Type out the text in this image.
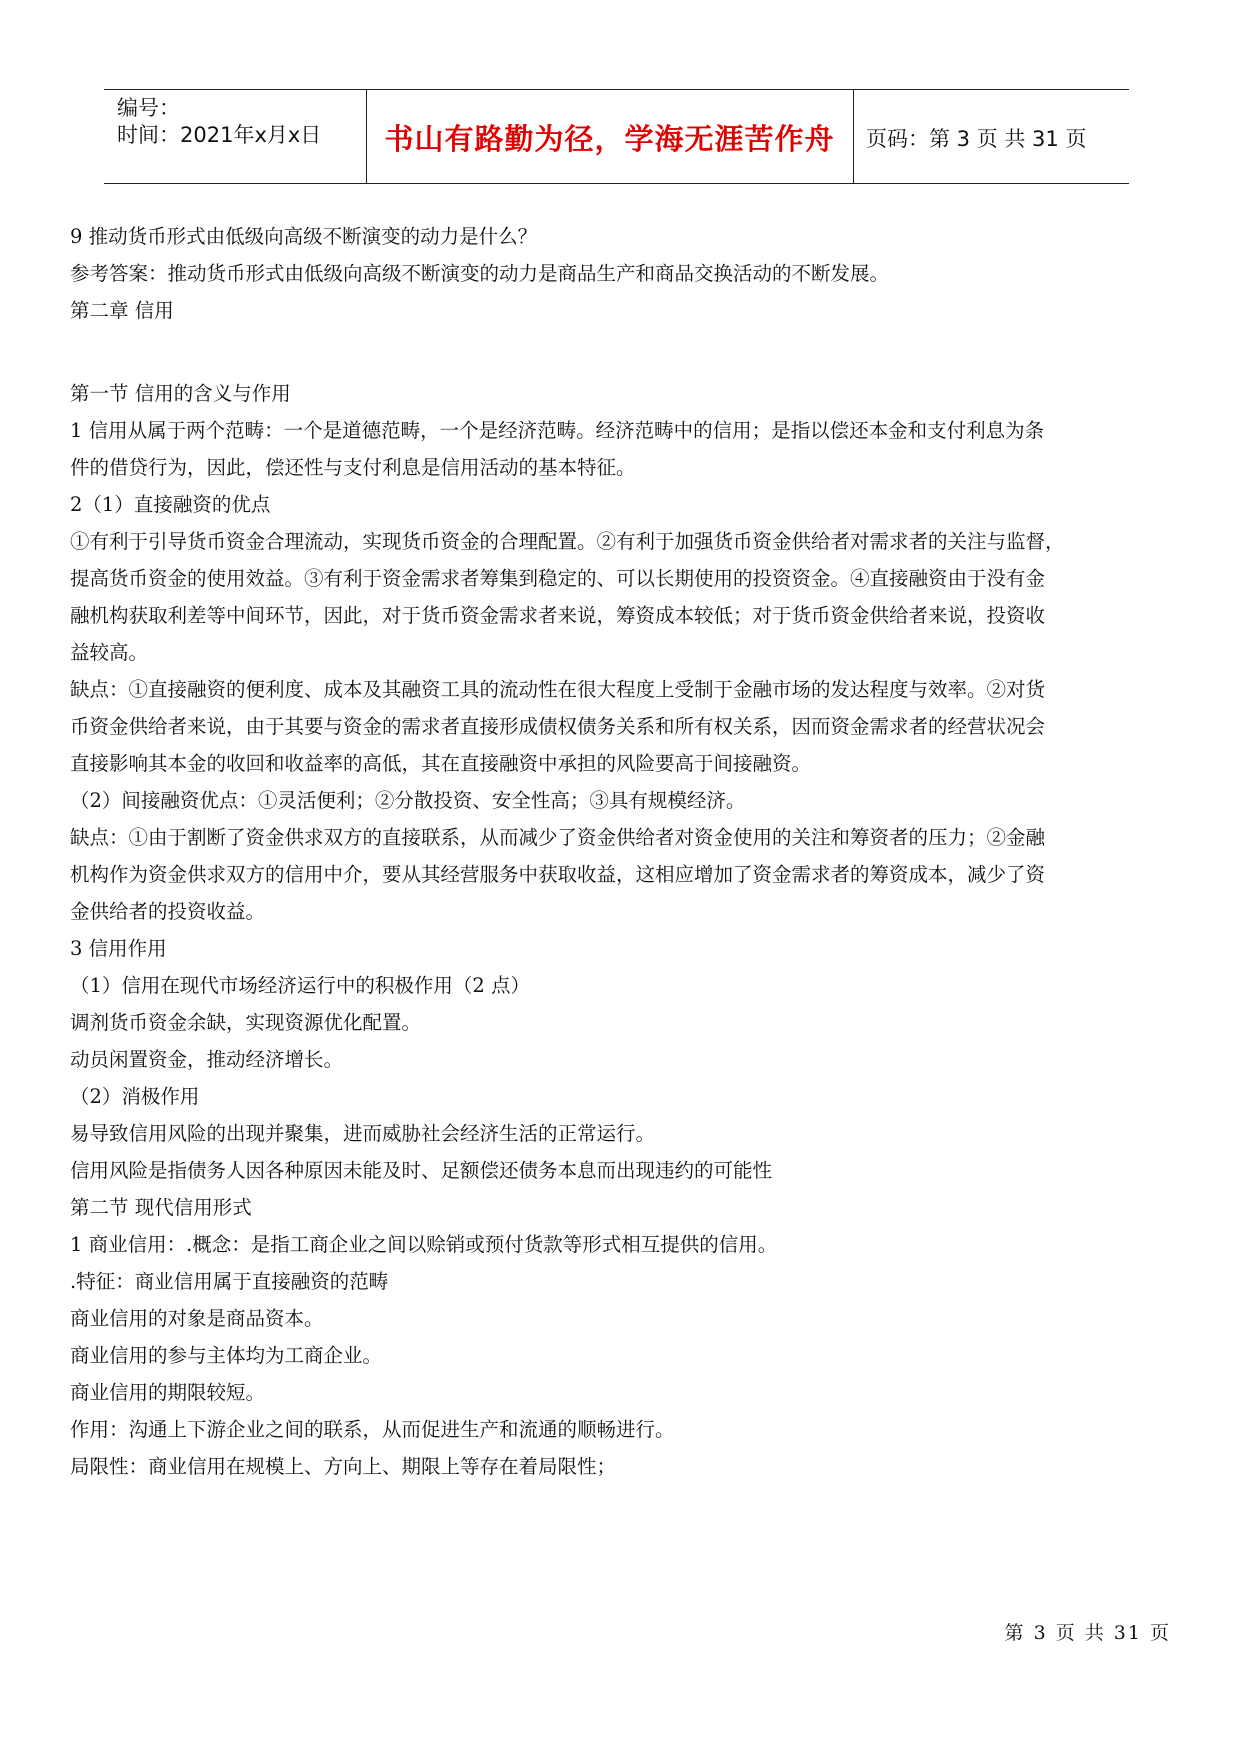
编号：
时间：2021年x月x日	书山有路勤为径，学海无涯苦作舟	页码：第 3 页 共 31 页
9 推动货币形式由低级向高级不断演变的动力是什么？
参考答案：推动货币形式由低级向高级不断演变的动力是商品生产和商品交换活动的不断发展。
第二章 信用
第一节 信用的含义与作用
1 信用从属于两个范畴：一个是道德范畴，一个是经济范畴。经济范畴中的信用；是指以偿还本金和支付利息为条
件的借贷行为，因此，偿还性与支付利息是信用活动的基本特征。
2（1）直接融资的优点
①有利于引导货币资金合理流动，实现货币资金的合理配置。②有利于加强货币资金供给者对需求者的关注与监督，
提高货币资金的使用效益。③有利于资金需求者筹集到稳定的、可以长期使用的投资资金。④直接融资由于没有金
融机构获取利差等中间环节，因此，对于货币资金需求者来说，筹资成本较低；对于货币资金供给者来说，投资收
益较高。
缺点：①直接融资的便利度、成本及其融资工具的流动性在很大程度上受制于金融市场的发达程度与效率。②对货
币资金供给者来说，由于其要与资金的需求者直接形成债权债务关系和所有权关系，因而资金需求者的经营状况会
直接影响其本金的收回和收益率的高低，其在直接融资中承担的风险要高于间接融资。
（2）间接融资优点：①灵活便利；②分散投资、安全性高；③具有规模经济。
缺点：①由于割断了资金供求双方的直接联系，从而减少了资金供给者对资金使用的关注和筹资者的压力；②金融
机构作为资金供求双方的信用中介，要从其经营服务中获取收益，这相应增加了资金需求者的筹资成本，减少了资
金供给者的投资收益。
3 信用作用
（1）信用在现代市场经济运行中的积极作用（2 点）
调剂货币资金余缺，实现资源优化配置。
动员闲置资金，推动经济增长。
（2）消极作用
易导致信用风险的出现并聚集，进而威胁社会经济生活的正常运行。
信用风险是指债务人因各种原因未能及时、足额偿还债务本息而出现违约的可能性
第二节 现代信用形式
1 商业信用：.概念：是指工商企业之间以赊销或预付货款等形式相互提供的信用。
.特征：商业信用属于直接融资的范畴
商业信用的对象是商品资本。
商业信用的参与主体均为工商企业。
商业信用的期限较短。
作用：沟通上下游企业之间的联系，从而促进生产和流通的顺畅进行。
局限性：商业信用在规模上、方向上、期限上等存在着局限性；
第 3 页 共 31 页
